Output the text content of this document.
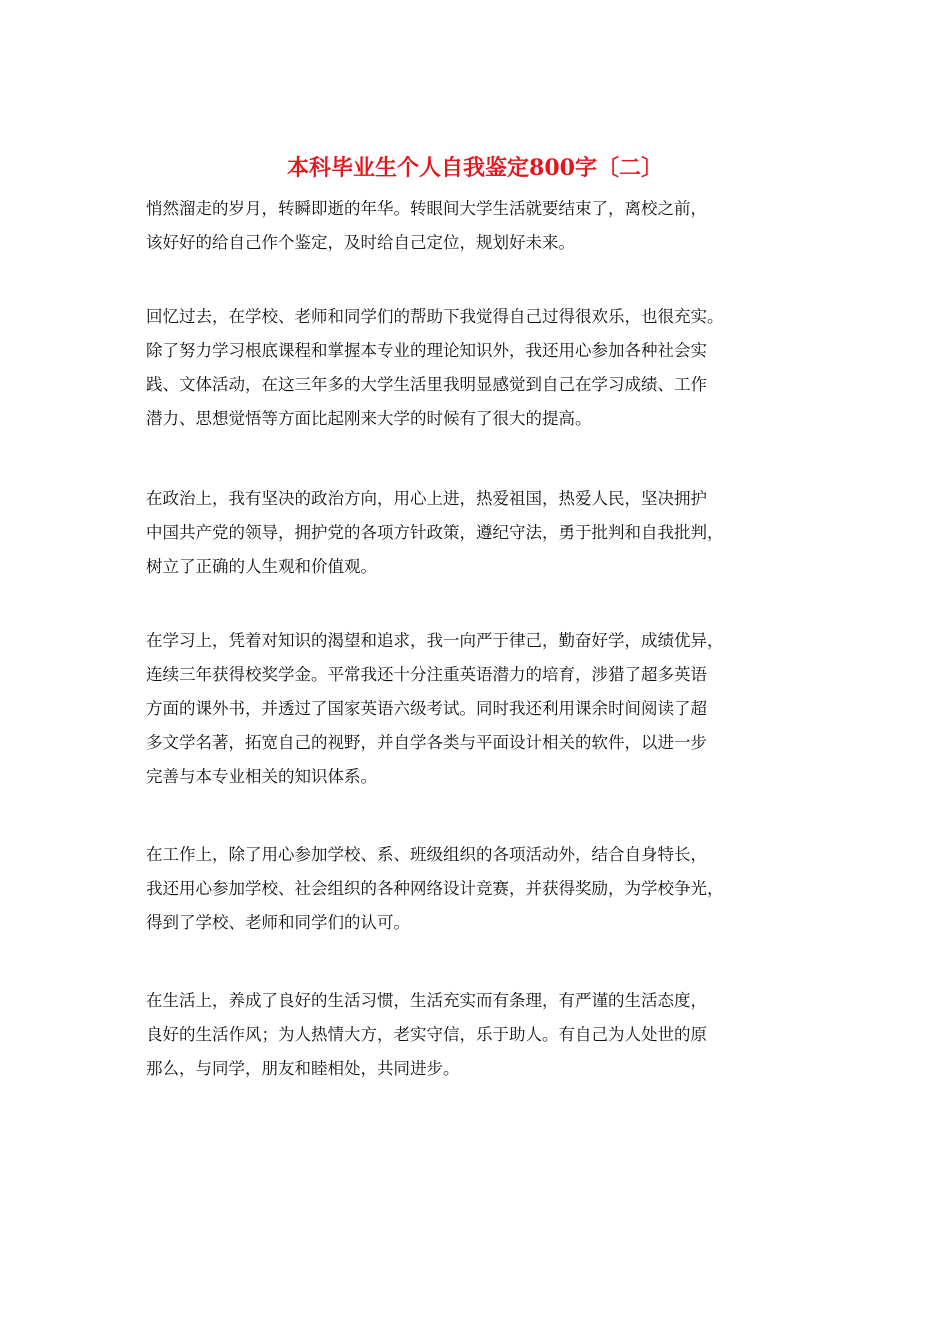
本科毕业生个人自我鉴定800字〔二〕
悄然溜走的岁月，转瞬即逝的年华。转眼间大学生活就要结束了，离校之前，
该好好的给自己作个鉴定，及时给自己定位，规划好未来。
回忆过去，在学校、老师和同学们的帮助下我觉得自己过得很欢乐，也很充实。
除了努力学习根底课程和掌握本专业的理论知识外，我还用心参加各种社会实
践、文体活动，在这三年多的大学生活里我明显感觉到自己在学习成绩、工作
潜力、思想觉悟等方面比起刚来大学的时候有了很大的提高。
在政治上，我有坚决的政治方向，用心上进，热爱祖国，热爱人民，坚决拥护
中国共产党的领导，拥护党的各项方针政策，遵纪守法，勇于批判和自我批判，
树立了正确的人生观和价值观。
在学习上，凭着对知识的渴望和追求，我一向严于律己，勤奋好学，成绩优异，
连续三年获得校奖学金。平常我还十分注重英语潜力的培育，涉猎了超多英语
方面的课外书，并透过了国家英语六级考试。同时我还利用课余时间阅读了超
多文学名著，拓宽自己的视野，并自学各类与平面设计相关的软件，以进一步
完善与本专业相关的知识体系。
在工作上，除了用心参加学校、系、班级组织的各项活动外，结合自身特长，
我还用心参加学校、社会组织的各种网络设计竞赛，并获得奖励，为学校争光，
得到了学校、老师和同学们的认可。
在生活上，养成了良好的生活习惯，生活充实而有条理，有严谨的生活态度，
良好的生活作风；为人热情大方，老实守信，乐于助人。有自己为人处世的原
那么，与同学，朋友和睦相处，共同进步。
